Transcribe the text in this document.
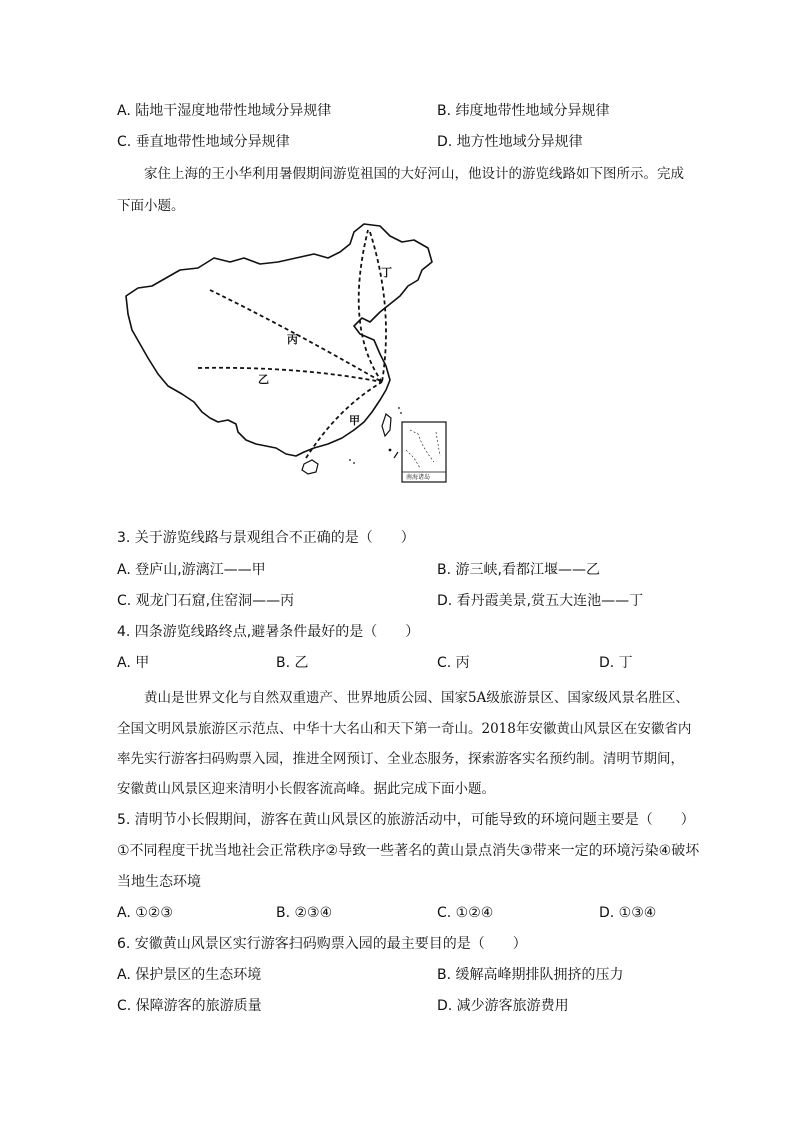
A. 陆地干湿度地带性地域分异规律	B. 纬度地带性地域分异规律
C. 垂直地带性地域分异规律	D. 地方性地域分异规律
家住上海的王小华利用暑假期间游览祖国的大好河山，他设计的游览线路如下图所示。完成
下面小题。
丁
丙
乙
甲
南海诸岛
3. 关于游览线路与景观组合不正确的是（　　）
A. 登庐山,游漓江——甲	B. 游三峡,看都江堰——乙
C. 观龙门石窟,住窑洞——丙	D. 看丹霞美景,赏五大连池——丁
4. 四条游览线路终点,避暑条件最好的是（　　）
A. 甲	B. 乙	C. 丙	D. 丁
黄山是世界文化与自然双重遗产、世界地质公园、国家5A级旅游景区、国家级风景名胜区、
全国文明风景旅游区示范点、中华十大名山和天下第一奇山。2018年安徽黄山风景区在安徽省内
率先实行游客扫码购票入园，推进全网预订、全业态服务，探索游客实名预约制。清明节期间，
安徽黄山风景区迎来清明小长假客流高峰。据此完成下面小题。
5. 清明节小长假期间，游客在黄山风景区的旅游活动中，可能导致的环境问题主要是（　　）
①不同程度干扰当地社会正常秩序②导致一些著名的黄山景点消失③带来一定的环境污染④破坏
当地生态环境
A. ①②③	B. ②③④	C. ①②④	D. ①③④
6. 安徽黄山风景区实行游客扫码购票入园的最主要目的是（　　）
A. 保护景区的生态环境	B. 缓解高峰期排队拥挤的压力
C. 保障游客的旅游质量	D. 减少游客旅游费用
